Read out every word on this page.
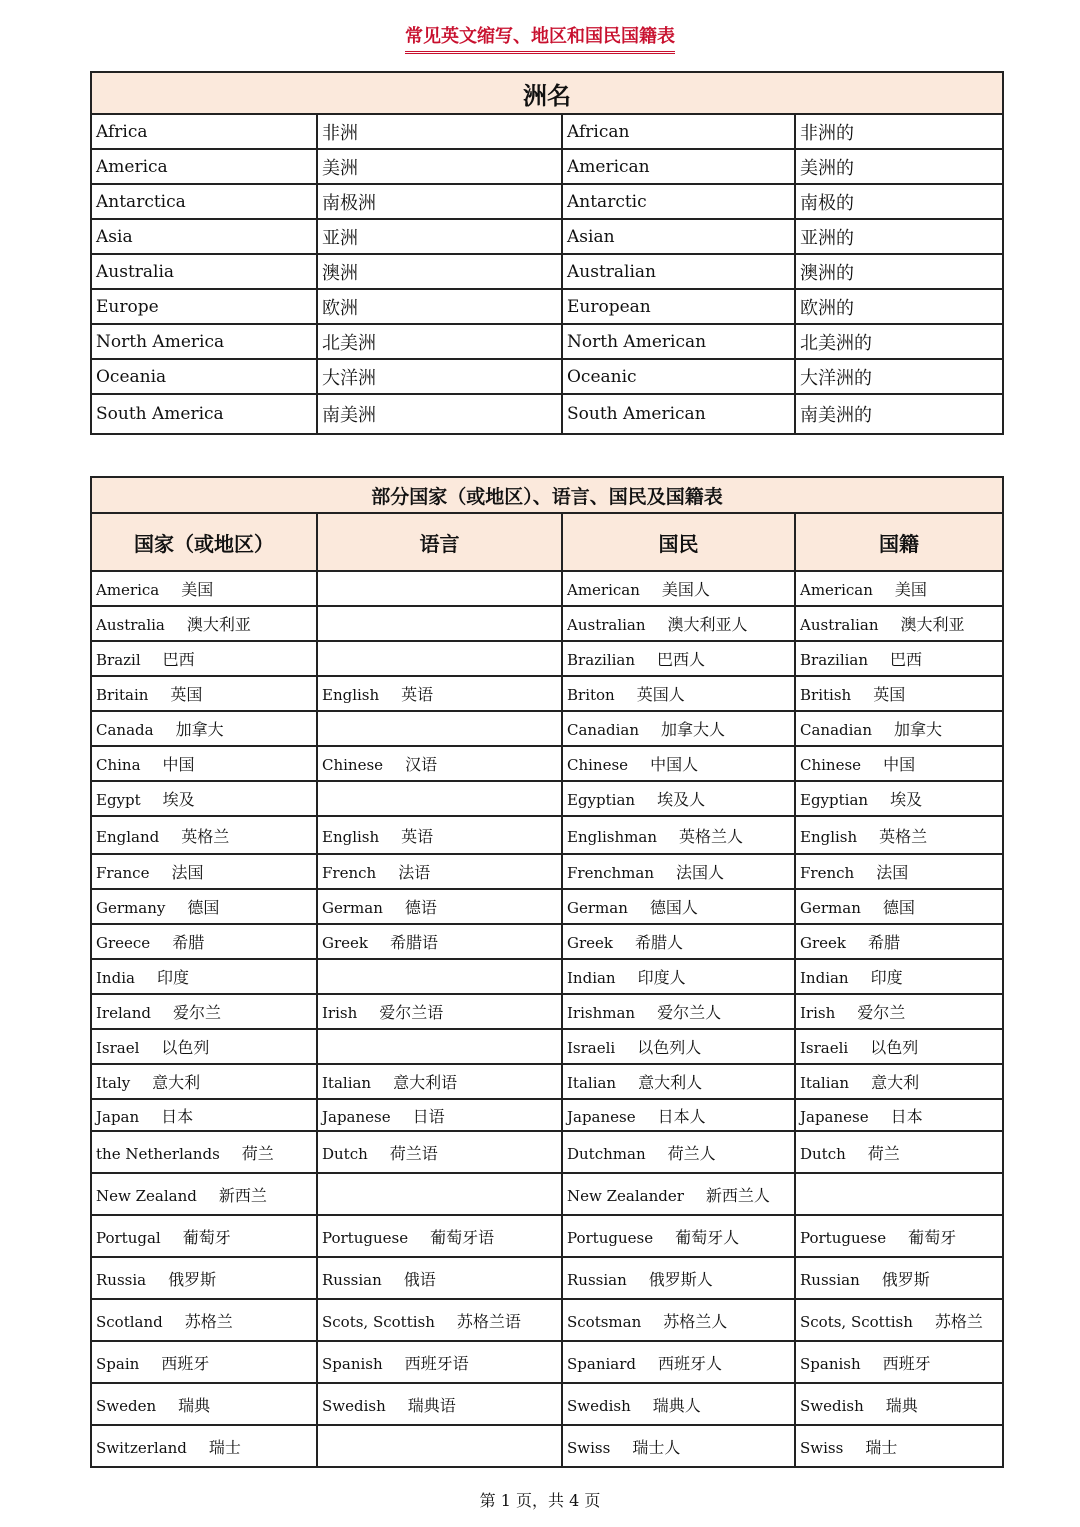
常见英文缩写、地区和国民国籍表
洲名			
Africa	非洲	African	非洲的
America	美洲	American	美洲的
Antarctica	南极洲	Antarctic	南极的
Asia	亚洲	Asian	亚洲的
Australia	澳洲	Australian	澳洲的
Europe	欧洲	European	欧洲的
North America	北美洲	North American	北美洲的
Oceania	大洋洲	Oceanic	大洋洲的
South America	南美洲	South American	南美洲的
部分国家（或地区）、语言、国民及国籍表			
国家（或地区）	语言	国民	国籍
America 美国		American 美国人	American 美国
Australia 澳大利亚		Australian 澳大利亚人	Australian 澳大利亚
Brazil 巴西		Brazilian 巴西人	Brazilian 巴西
Britain 英国	English 英语	Briton 英国人	British 英国
Canada 加拿大		Canadian 加拿大人	Canadian 加拿大
China 中国	Chinese 汉语	Chinese 中国人	Chinese 中国
Egypt 埃及		Egyptian 埃及人	Egyptian 埃及
England 英格兰	English 英语	Englishman 英格兰人	English 英格兰
France 法国	French 法语	Frenchman 法国人	French 法国
Germany 德国	German 德语	German 德国人	German 德国
Greece 希腊	Greek 希腊语	Greek 希腊人	Greek 希腊
India 印度		Indian 印度人	Indian 印度
Ireland 爱尔兰	Irish 爱尔兰语	Irishman 爱尔兰人	Irish 爱尔兰
Israel 以色列		Israeli 以色列人	Israeli 以色列
Italy 意大利	Italian 意大利语	Italian 意大利人	Italian 意大利
Japan 日本	Japanese 日语	Japanese 日本人	Japanese 日本
the Netherlands 荷兰	Dutch 荷兰语	Dutchman 荷兰人	Dutch 荷兰
New Zealand 新西兰		New Zealander 新西兰人	
Portugal 葡萄牙	Portuguese 葡萄牙语	Portuguese 葡萄牙人	Portuguese 葡萄牙
Russia 俄罗斯	Russian 俄语	Russian 俄罗斯人	Russian 俄罗斯
Scotland 苏格兰	Scots, Scottish 苏格兰语	Scotsman 苏格兰人	Scots, Scottish 苏格兰
Spain 西班牙	Spanish 西班牙语	Spaniard 西班牙人	Spanish 西班牙
Sweden 瑞典	Swedish 瑞典语	Swedish 瑞典人	Swedish 瑞典
Switzerland 瑞士		Swiss 瑞士人	Swiss 瑞士
第 1 页，共 4 页
